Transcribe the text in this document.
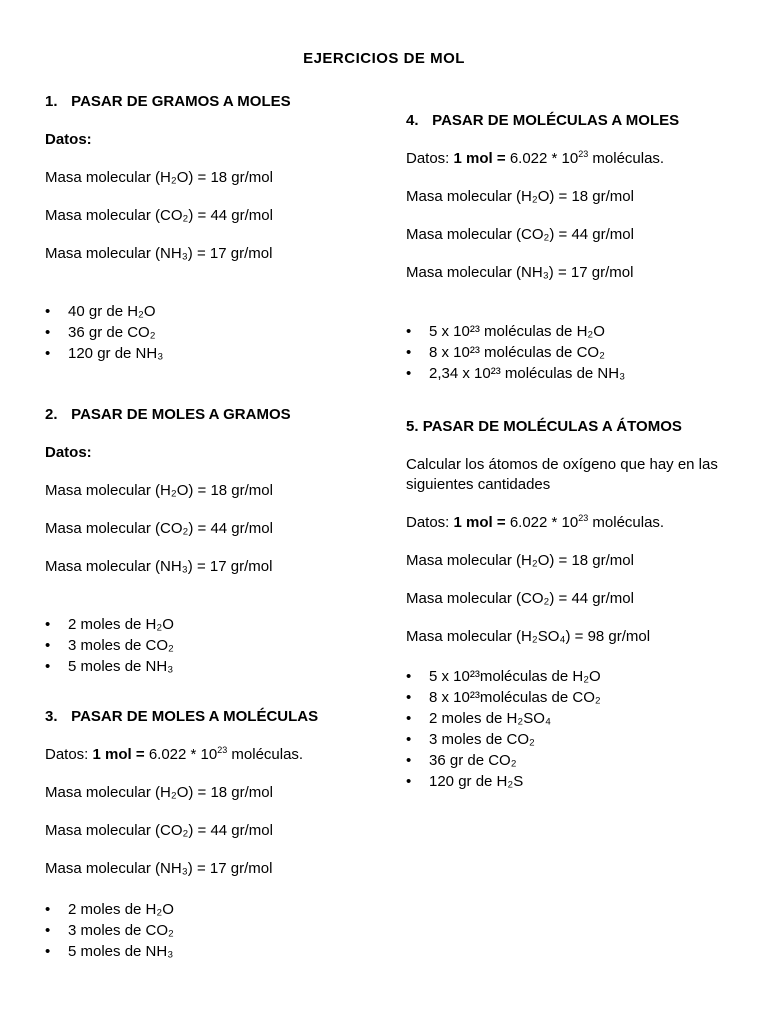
EJERCICIOS DE MOL
1. PASAR DE GRAMOS A MOLES
Datos:
Masa molecular (H₂O) = 18 gr/mol
Masa molecular (CO₂) = 44 gr/mol
Masa molecular (NH₃) = 17 gr/mol
• 40 gr de H₂O
• 36 gr de CO₂
• 120 gr de NH₃
2. PASAR DE MOLES A GRAMOS
Datos:
Masa molecular (H₂O) = 18 gr/mol
Masa molecular (CO₂) = 44 gr/mol
Masa molecular (NH₃) = 17 gr/mol
• 2 moles de H₂O
• 3 moles de CO₂
• 5 moles de NH₃
3. PASAR DE MOLES A MOLÉCULAS
Datos: 1 mol = $6.022 * 10^{23}$ moléculas.
Masa molecular (H₂O) = 18 gr/mol
Masa molecular (CO₂) = 44 gr/mol
Masa molecular (NH₃) = 17 gr/mol
• 2 moles de H₂O
• 3 moles de CO₂
• 5 moles de NH₃
4. PASAR DE MOLÉCULAS A MOLES
Datos: 1 mol = $6.022 * 10^{23}$ moléculas.
Masa molecular (H₂O) = 18 gr/mol
Masa molecular (CO₂) = 44 gr/mol
Masa molecular (NH₃) = 17 gr/mol
• 5 x 10²³ moléculas de H₂O
• 8 x 10²³ moléculas de CO₂
• 2,34 x 10²³ moléculas de NH₃
5. PASAR DE MOLÉCULAS A ÁTOMOS
Calcular los átomos de oxígeno que hay en las siguientes cantidades
Datos: 1 mol = $6.022 * 10^{23}$ moléculas.
Masa molecular (H₂O) = 18 gr/mol
Masa molecular (CO₂) = 44 gr/mol
Masa molecular (H₂SO₄) = 98 gr/mol
• 5 x 10²³moléculas de H₂O
• 8 x 10²³moléculas de CO₂
• 2 moles de H₂SO₄
• 3 moles de CO₂
• 36 gr de CO₂
• 120 gr de H₂S
